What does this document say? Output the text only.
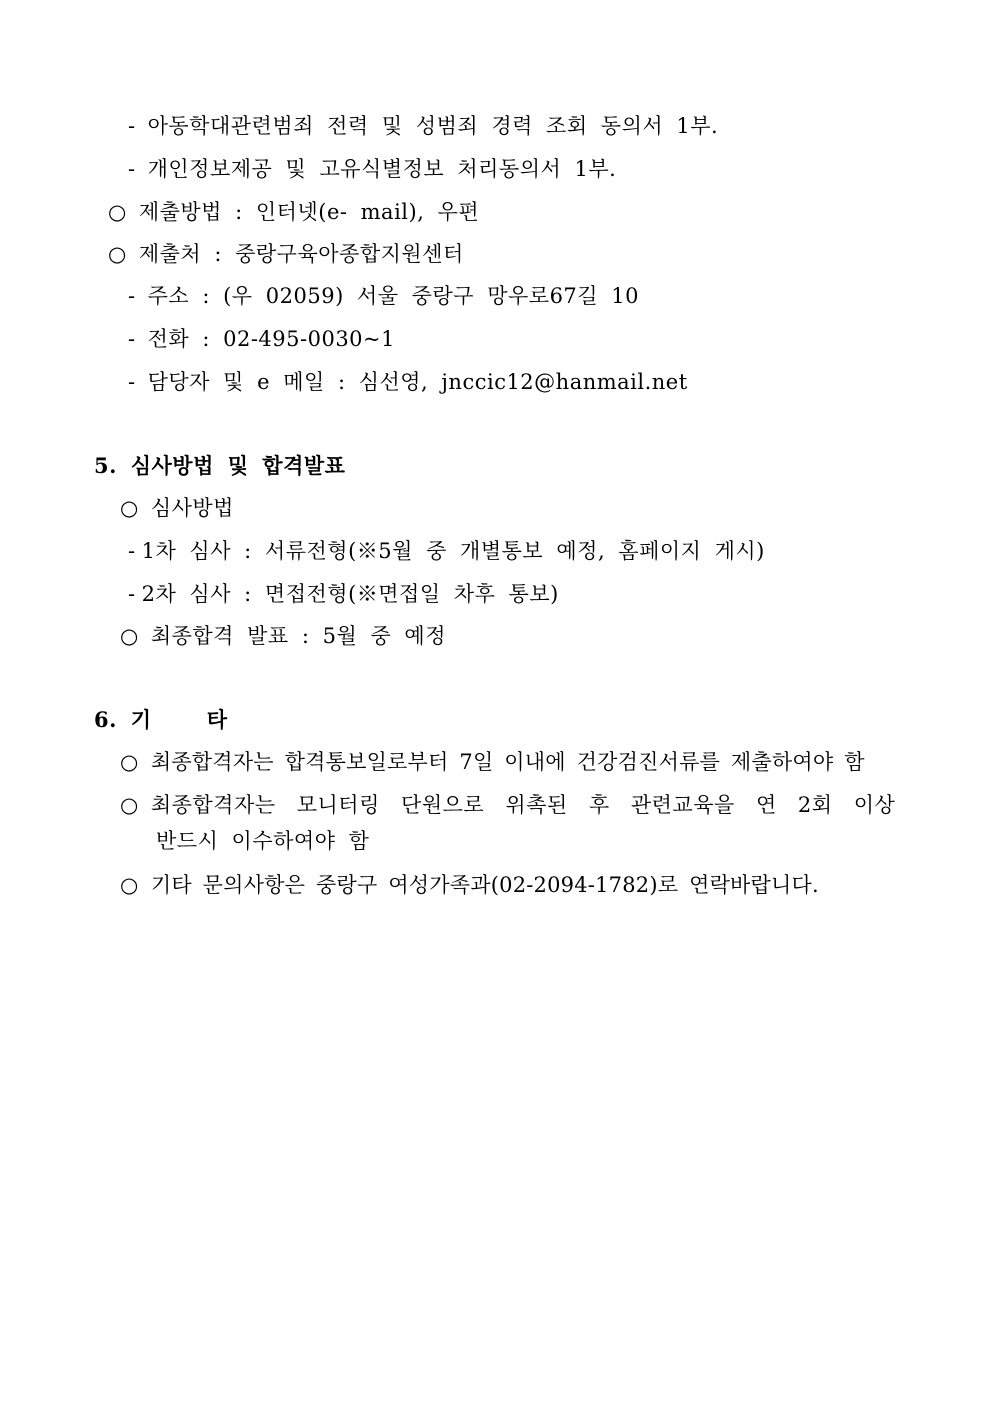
- 아동학대관련범죄 전력 및 성범죄 경력 조회 동의서 1부.
- 개인정보제공 및 고유식별정보 처리동의서 1부.
○ 제출방법 : 인터넷(e- mail), 우편
○ 제출처 : 중랑구육아종합지원센터
- 주소 : (우 02059) 서울 중랑구 망우로67길 10
- 전화 : 02-495-0030~1
- 담당자 및 e 메일 : 심선영, jnccic12@hanmail.net
5. 심사방법 및 합격발표
○ 심사방법
- 1차 심사 : 서류전형(※5월 중 개별통보 예정, 홈페이지 게시)
- 2차 심사 : 면접전형(※면접일 차후 통보)
○ 최종합격 발표 : 5월 중 예정
6. 기    타
○ 최종합격자는 합격통보일로부터 7일 이내에 건강검진서류를 제출하여야 함
○ 최종합격자는 모니터링 단원으로 위촉된 후 관련교육을 연 2회 이상
반드시 이수하여야 함
○ 기타 문의사항은 중랑구 여성가족과(02-2094-1782)로 연락바랍니다.
